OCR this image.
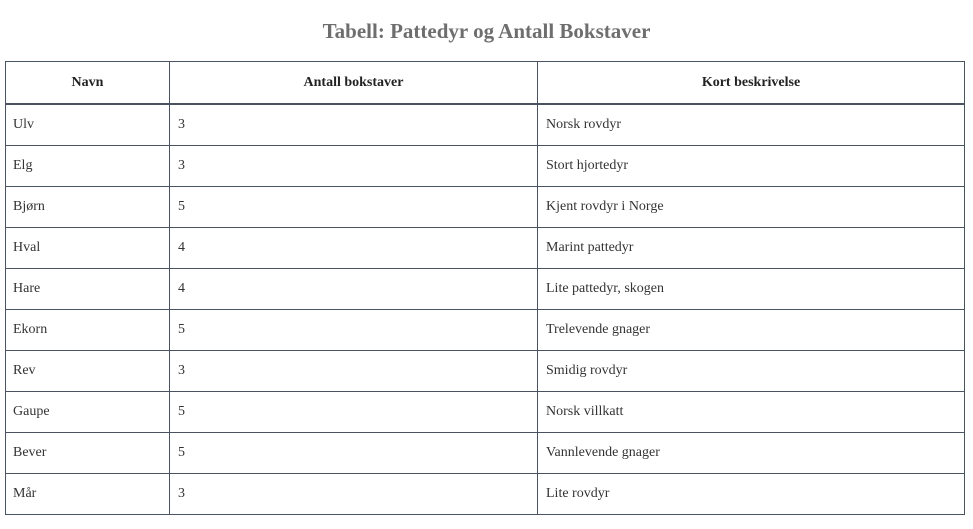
Tabell: Pattedyr og Antall Bokstaver
Navn	Antall bokstaver	Kort beskrivelse
Ulv	3	Norsk rovdyr
Elg	3	Stort hjortedyr
Bjørn	5	Kjent rovdyr i Norge
Hval	4	Marint pattedyr
Hare	4	Lite pattedyr, skogen
Ekorn	5	Trelevende gnager
Rev	3	Smidig rovdyr
Gaupe	5	Norsk villkatt
Bever	5	Vannlevende gnager
Mår	3	Lite rovdyr
